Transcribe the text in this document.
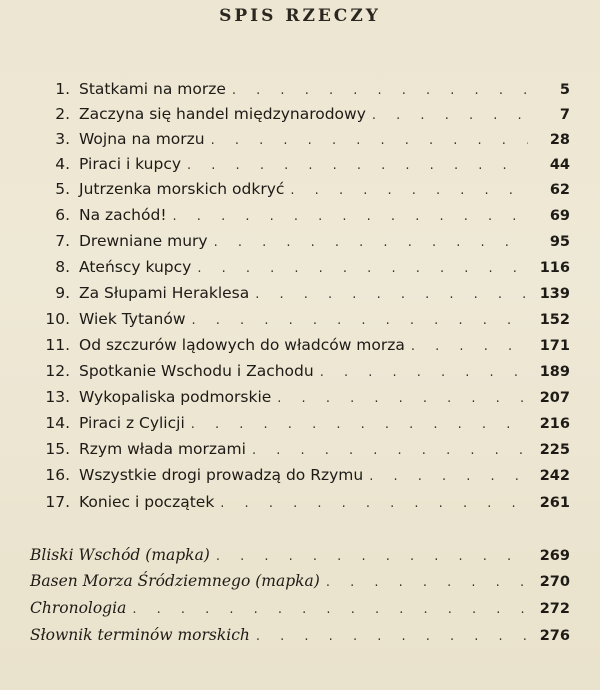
SPIS RZECZY
1. Statkami na morze . . .	5
2. Zaczyna się handel międzynarodowy . . .	7
3. Wojna na morzu . . .	28
4. Piraci i kupcy . . .	44
5. Jutrzenka morskich odkryć . . .	62
6. Na zachód! . . .	69
7. Drewniane mury . . .	95
8. Ateńscy kupcy . . .	116
9. Za Słupami Heraklesa . . .	139
10. Wiek Tytanów . . .	152
11. Od szczurów lądowych do władców morza . . .	171
12. Spotkanie Wschodu i Zachodu . . .	189
13. Wykopaliska podmorskie . . .	207
14. Piraci z Cylicji . . .	216
15. Rzym włada morzami . . .	225
16. Wszystkie drogi prowadzą do Rzymu . . .	242
17. Koniec i początek . . .	261
Bliski Wschód (mapka) . . .	269
Basen Morza Śródziemnego (mapka) . . .	270
Chronologia . . .	272
Słownik terminów morskich . . .	276
